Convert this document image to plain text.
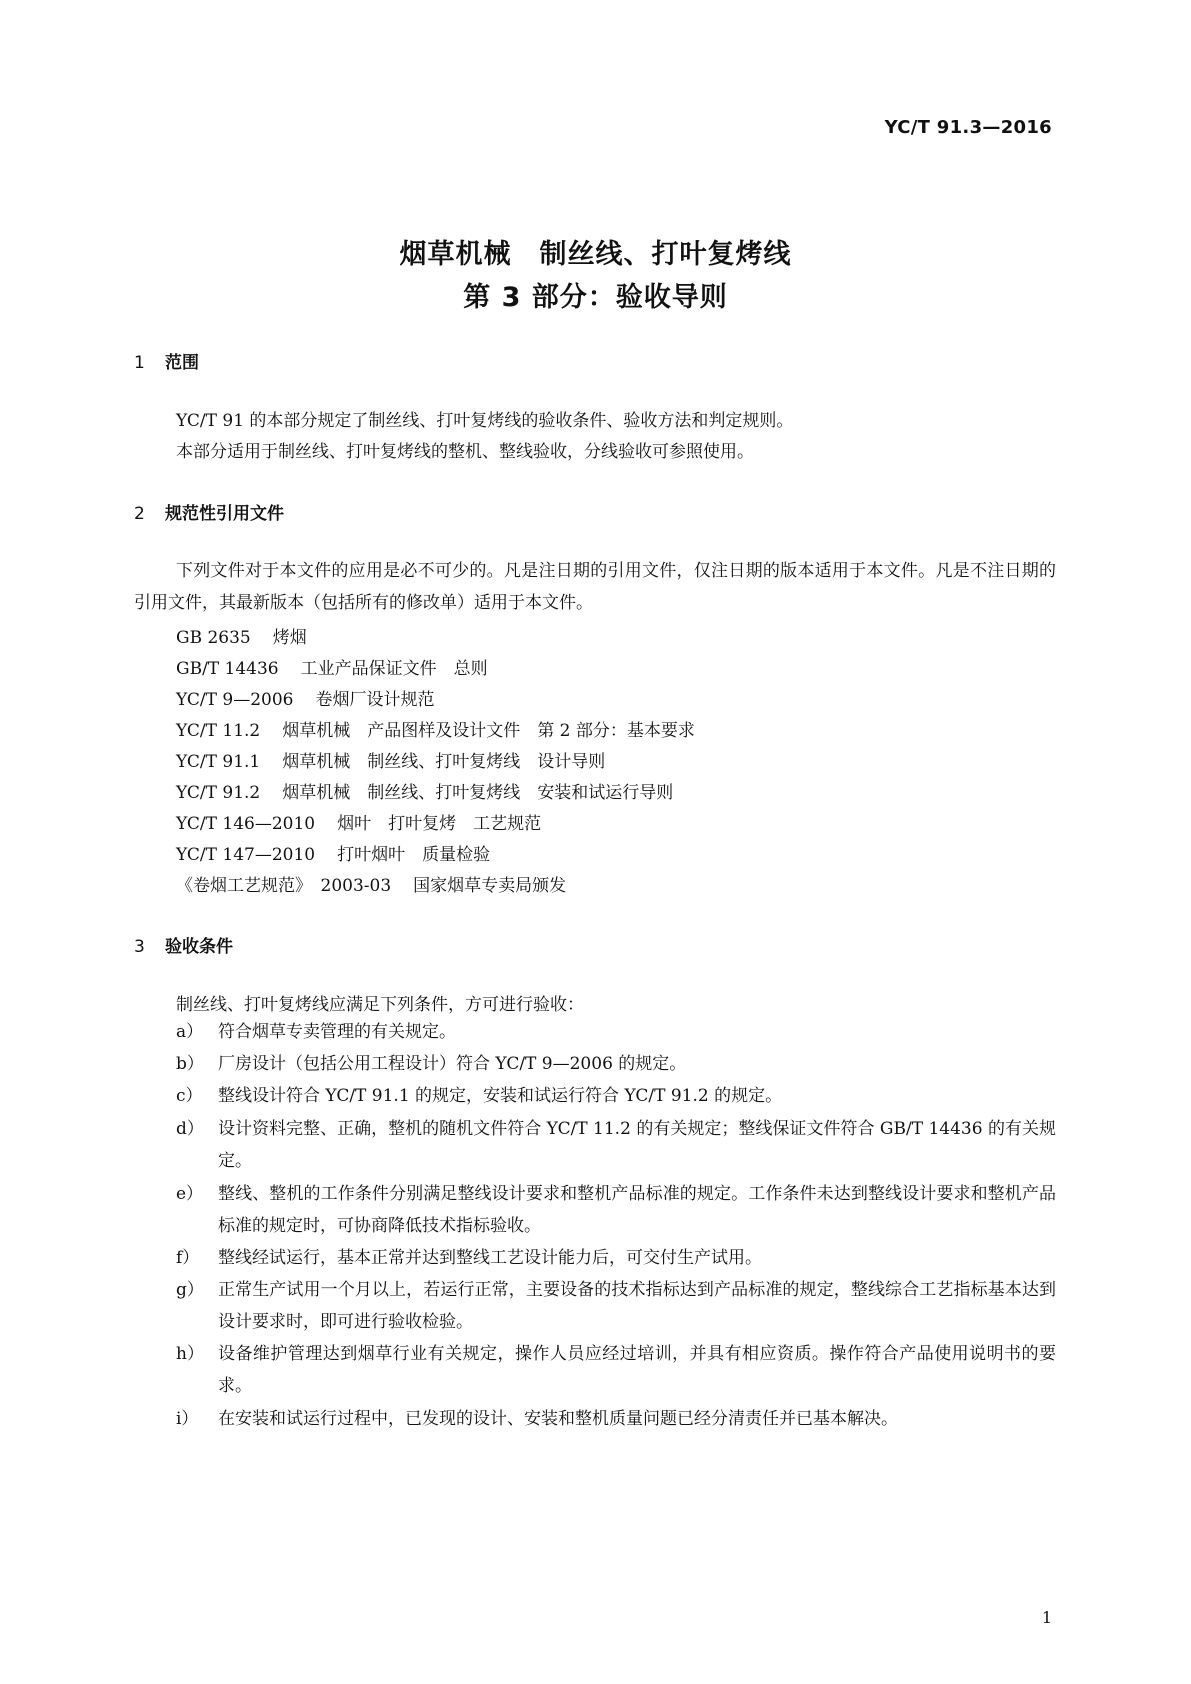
YC/T 91.3—2016
烟草机械　制丝线、打叶复烤线
第 3 部分：验收导则
1 范围
YC/T 91 的本部分规定了制丝线、打叶复烤线的验收条件、验收方法和判定规则。
本部分适用于制丝线、打叶复烤线的整机、整线验收，分线验收可参照使用。
2 规范性引用文件
下列文件对于本文件的应用是必不可少的。凡是注日期的引用文件，仅注日期的版本适用于本文件。凡是不注日期的引用文件，其最新版本（包括所有的修改单）适用于本文件。
GB 2635 烤烟
GB/T 14436 工业产品保证文件　总则
YC/T 9—2006 卷烟厂设计规范
YC/T 11.2 烟草机械　产品图样及设计文件　第 2 部分：基本要求
YC/T 91.1 烟草机械　制丝线、打叶复烤线　设计导则
YC/T 91.2 烟草机械　制丝线、打叶复烤线　安装和试运行导则
YC/T 146—2010 烟叶　打叶复烤　工艺规范
YC/T 147—2010 打叶烟叶　质量检验
《卷烟工艺规范》　2003-03 国家烟草专卖局颁发
3 验收条件
制丝线、打叶复烤线应满足下列条件，方可进行验收：
a） 符合烟草专卖管理的有关规定。
b） 厂房设计（包括公用工程设计）符合 YC/T 9—2006 的规定。
c） 整线设计符合 YC/T 91.1 的规定，安装和试运行符合 YC/T 91.2 的规定。
d） 设计资料完整、正确，整机的随机文件符合 YC/T 11.2 的有关规定；整线保证文件符合 GB/T 14436 的有关规定。
e） 整线、整机的工作条件分别满足整线设计要求和整机产品标准的规定。工作条件未达到整线设计要求和整机产品标准的规定时，可协商降低技术指标验收。
f）	整线经试运行，基本正常并达到整线工艺设计能力后，可交付生产试用。
g） 正常生产试用一个月以上，若运行正常，主要设备的技术指标达到产品标准的规定，整线综合工艺指标基本达到设计要求时，即可进行验收检验。
h） 设备维护管理达到烟草行业有关规定，操作人员应经过培训，并具有相应资质。操作符合产品使用说明书的要求。
i）	在安装和试运行过程中，已发现的设计、安装和整机质量问题已经分清责任并已基本解决。
1
